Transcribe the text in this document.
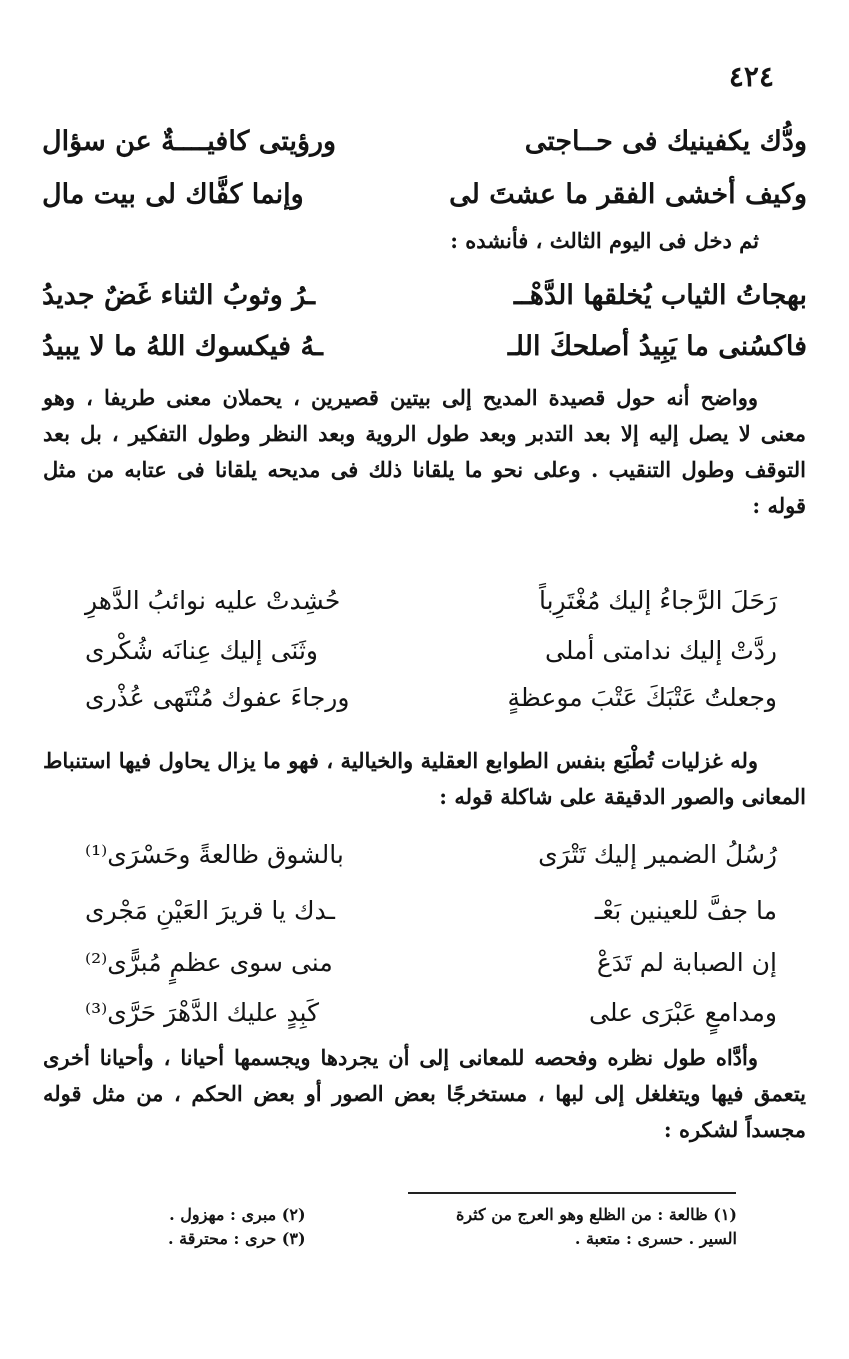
٤٢٤
ودُّك يكفينيك فى حــاجتى
ورؤيتى كافيــــةٌ عن سؤال
وكيف أخشى الفقر ما عشتَ لى
وإنما كفَّاك لى بيت مال
ثم دخل فى اليوم الثالث ، فأنشده :
بهجاتُ الثياب يُخلقها الدَّهْــ
ـرُ وثوبُ الثناء غَضٌ جديدُ
فاكسُنى ما يَبِيدُ أصلحكَ اللـ
ـهُ فيكسوك اللهُ ما لا يبيدُ
وواضح أنه حول قصيدة المديح إلى بيتين قصيرين ، يحملان معنى طريفا ، وهو معنى لا يصل إليه إلا بعد التدبر وبعد طول الروية وبعد النظر وطول التفكير ، بل بعد التوقف وطول التنقيب . وعلى نحو ما يلقانا ذلك فى مديحه يلقانا فى عتابه من مثل قوله :
رَحَلَ الرَّجاءُ إليك مُغْتَرِباً
حُشِدتْ عليه نوائبُ الدَّهرِ
ردَّتْ إليك ندامتى أملى
وثَنَى إليك عِنانَه شُكْرى
وجعلتُ عَتْبَكَ عَتْبَ موعظةٍ
ورجاءَ عفوك مُنْتَهى عُذْرى
وله غزليات تُطْبَع بنفس الطوابع العقلية والخيالية ، فهو ما يزال يحاول فيها استنباط المعانى والصور الدقيقة على شاكلة قوله :
رُسُلُ الضمير إليك تَتْرَى
بالشوق ظالعةً وحَسْرَى⁽¹⁾
ما جفَّ للعينين بَعْـ
ـدك يا قريرَ العَيْنِ مَجْرى
إن الصبابة لم تَدَعْ
منى سوى عظمٍ مُبرًّى⁽²⁾
ومدامعٍ عَبْرَى على
كَبِدٍ عليك الدَّهْرَ حَرَّى⁽³⁾
وأدَّاه طول نظره وفحصه للمعانى إلى أن يجردها ويجسمها أحيانا ، وأحيانا أخرى يتعمق فيها ويتغلغل إلى لبها ، مستخرجًا بعض الصور أو بعض الحكم ، من مثل قوله مجسداً لشكره :
(١) ظالعة : من الظلع وهو العرج من كثرة
السير . حسرى : متعبة .
(٢) مبرى : مهزول .
(٣) حرى : محترقة .
